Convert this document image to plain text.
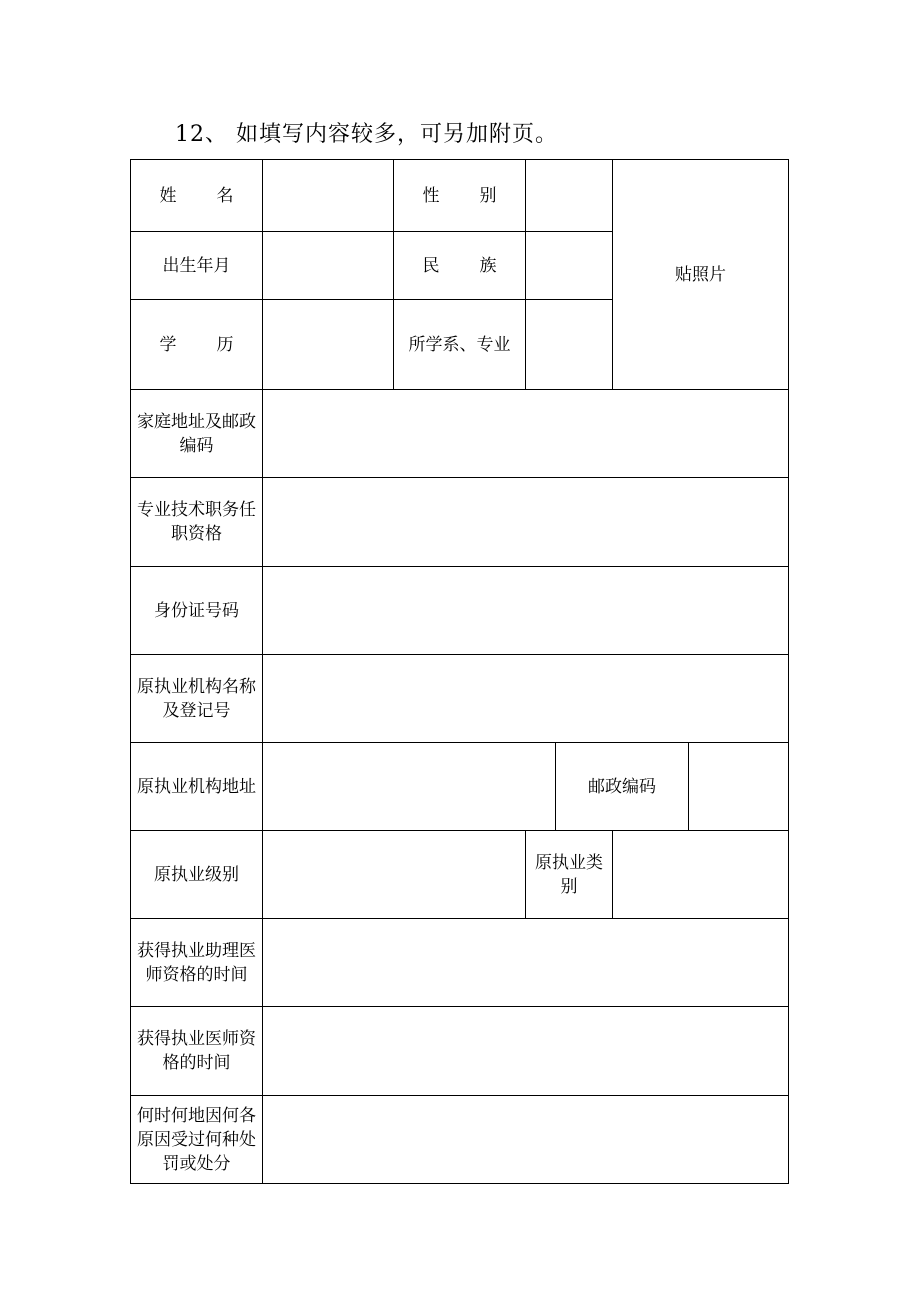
12、 如填写内容较多，可另加附页。
姓 名		性 别			贴照片	
出生年月		民 族				
学 历		所学系、专业				
家庭地址及邮政编码						
专业技术职务任职资格						
身份证号码						
原执业机构名称及登记号						
原执业机构地址				邮政编码		
原执业级别			原执业类别			
获得执业助理医师资格的时间						
获得执业医师资格的时间						
何时何地因何各原因受过何种处罚或处分						
